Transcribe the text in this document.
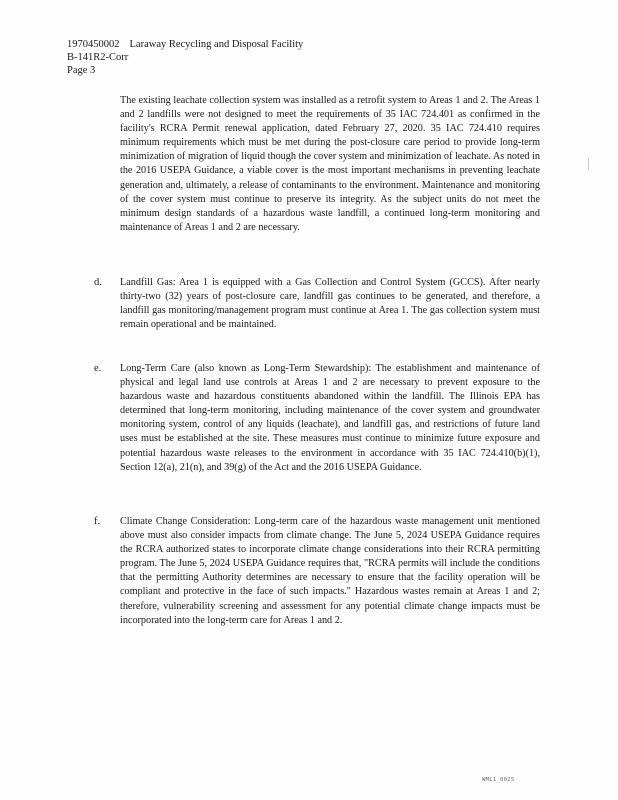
1970450002 Laraway Recycling and Disposal Facility
B-141R2-Corr
Page 3

The existing leachate collection system was installed as a retrofit system to Areas 1 and 2. The Areas 1 and 2 landfills were not designed to meet the requirements of 35 IAC 724.401 as confirmed in the facility's RCRA Permit renewal application, dated February 27, 2020. 35 IAC 724.410 requires minimum requirements which must be met during the post-closure care period to provide long-term minimization of migration of liquid though the cover system and minimization of leachate. As noted in the 2016 USEPA Guidance, a viable cover is the most important mechanisms in preventing leachate generation and, ultimately, a release of contaminants to the environment. Maintenance and monitoring of the cover system must continue to preserve its integrity. As the subject units do not meet the minimum design standards of a hazardous waste landfill, a continued long-term monitoring and maintenance of Areas 1 and 2 are necessary.

d. Landfill Gas: Area 1 is equipped with a Gas Collection and Control System (GCCS). After nearly thirty-two (32) years of post-closure care, landfill gas continues to be generated, and therefore, a landfill gas monitoring/management program must continue at Area 1. The gas collection system must remain operational and be maintained.

e. Long-Term Care (also known as Long-Term Stewardship): The establishment and maintenance of physical and legal land use controls at Areas 1 and 2 are necessary to prevent exposure to the hazardous waste and hazardous constituents abandoned within the landfill. The Illinois EPA has determined that long-term monitoring, including maintenance of the cover system and groundwater monitoring system, control of any liquids (leachate), and landfill gas, and restrictions of future land uses must be established at the site. These measures must continue to minimize future exposure and potential hazardous waste releases to the environment in accordance with 35 IAC 724.410(b)(1), Section 12(a), 21(n), and 39(g) of the Act and the 2016 USEPA Guidance.

f. Climate Change Consideration: Long-term care of the hazardous waste management unit mentioned above must also consider impacts from climate change. The June 5, 2024 USEPA Guidance requires the RCRA authorized states to incorporate climate change considerations into their RCRA permitting program. The June 5, 2024 USEPA Guidance requires that, "RCRA permits will include the conditions that the permitting Authority determines are necessary to ensure that the facility operation will be compliant and protective in the face of such impacts." Hazardous wastes remain at Areas 1 and 2; therefore, vulnerability screening and assessment for any potential climate change impacts must be incorporated into the long-term care for Areas 1 and 2.

WML1_0025
